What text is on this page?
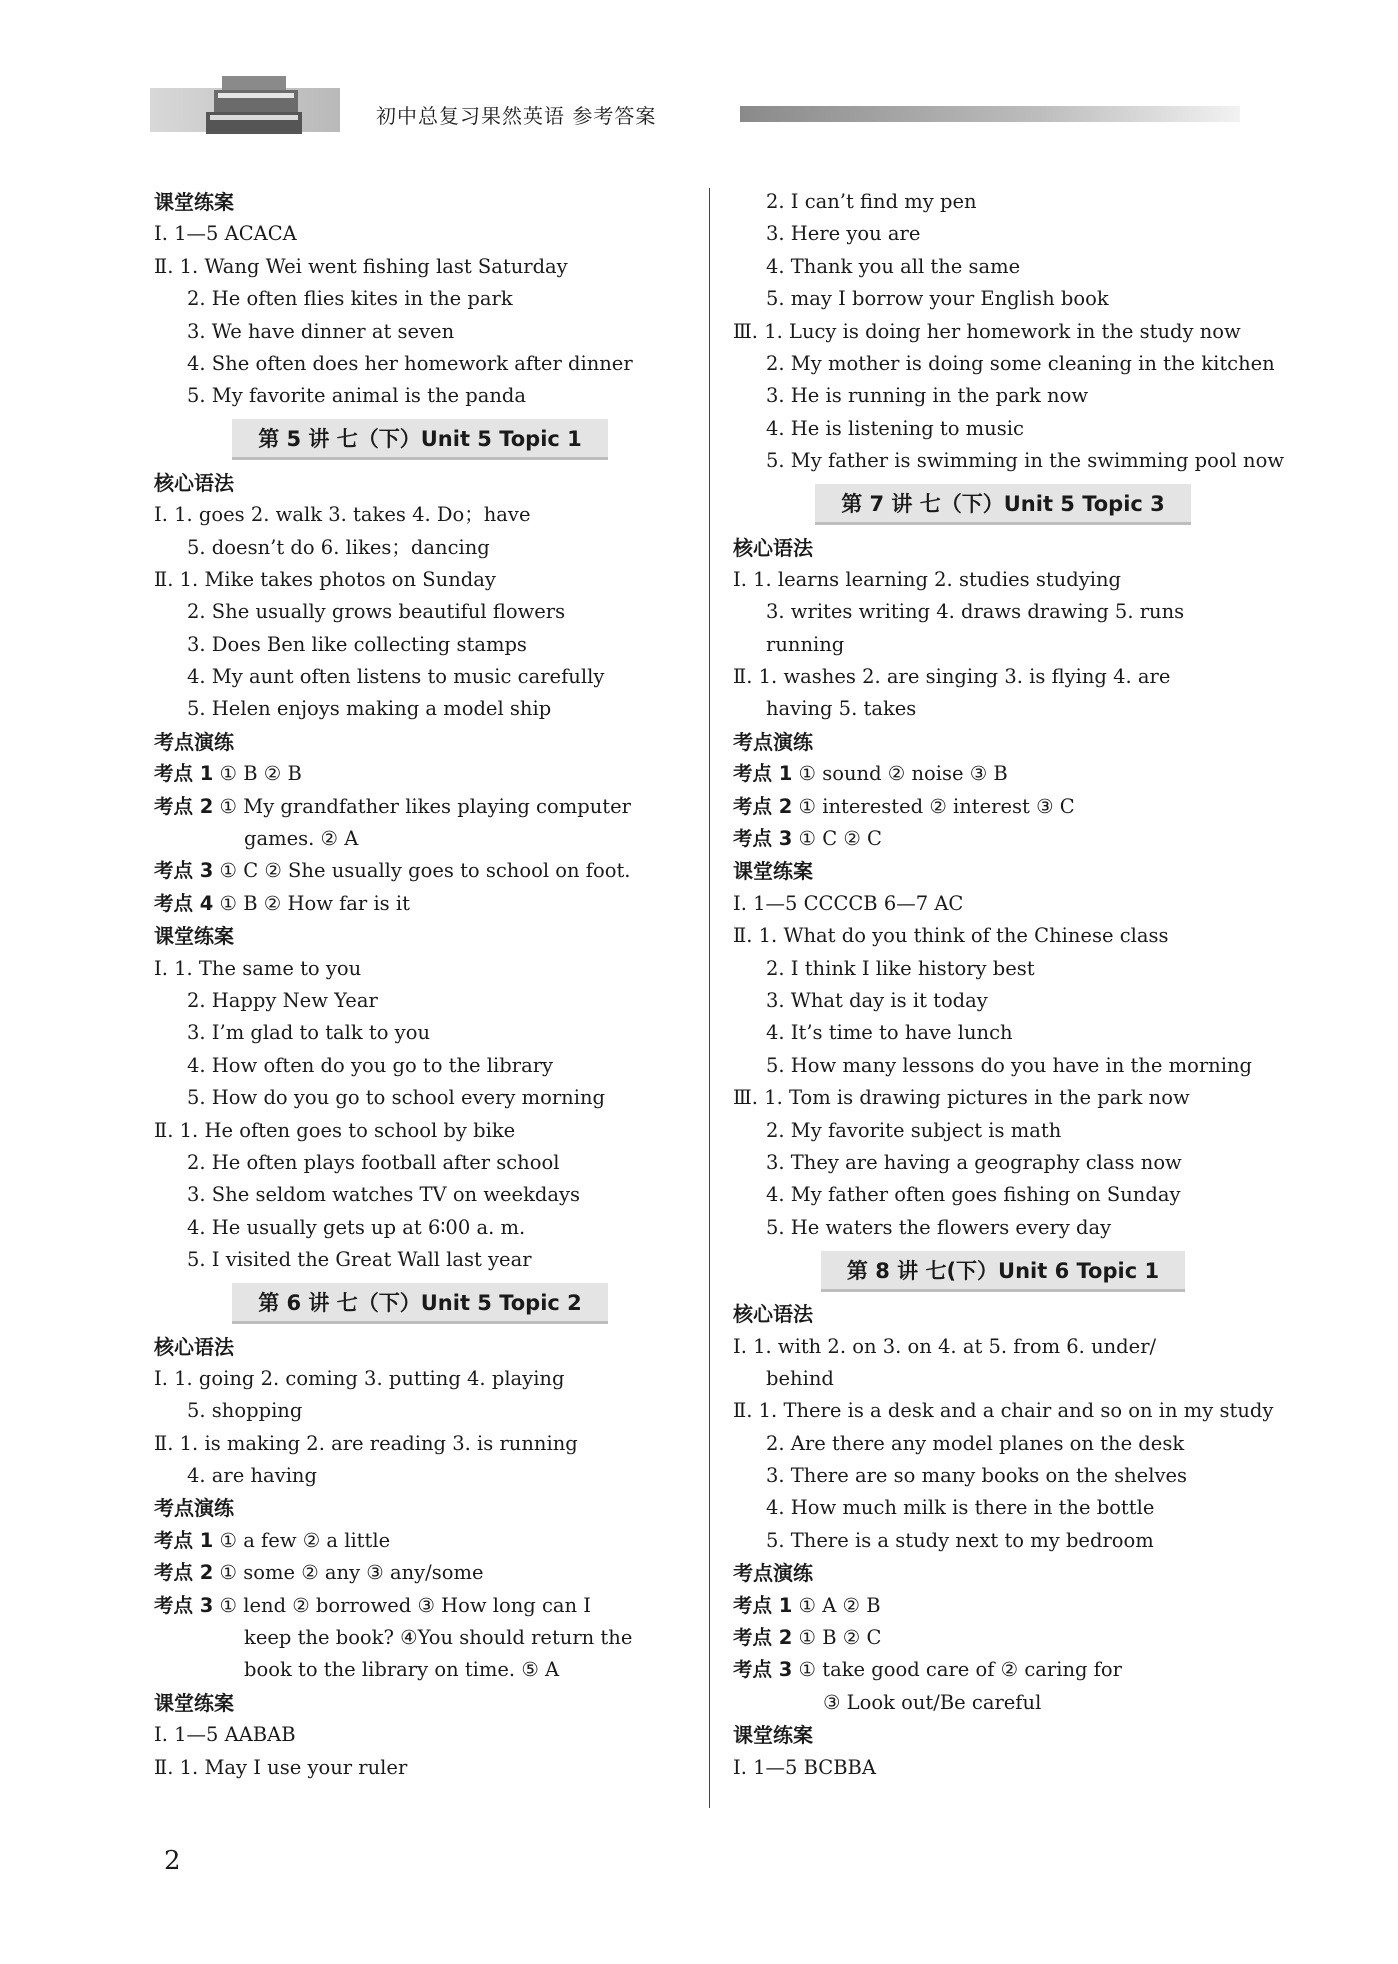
初中总复习果然英语 参考答案
课堂练案
I. 1—5 ACACA
Ⅱ. 1. Wang Wei went fishing last Saturday
2. He often flies kites in the park
3. We have dinner at seven
4. She often does her homework after dinner
5. My favorite animal is the panda
第 5 讲 七（下）Unit 5 Topic 1
核心语法
Ⅰ. 1. goes 2. walk 3. takes 4. Do；have
5. doesn’t do 6. likes；dancing
Ⅱ. 1. Mike takes photos on Sunday
2. She usually grows beautiful flowers
3. Does Ben like collecting stamps
4. My aunt often listens to music carefully
5. Helen enjoys making a model ship
考点演练
考点 1 ① B ② B
考点 2 ① My grandfather likes playing computer
games. ② A
考点 3 ① C ② She usually goes to school on foot.
考点 4 ① B ② How far is it
课堂练案
Ⅰ. 1. The same to you
2. Happy New Year
3. I’m glad to talk to you
4. How often do you go to the library
5. How do you go to school every morning
Ⅱ. 1. He often goes to school by bike
2. He often plays football after school
3. She seldom watches TV on weekdays
4. He usually gets up at 6∶00 a. m.
5. I visited the Great Wall last year
第 6 讲 七（下）Unit 5 Topic 2
核心语法
Ⅰ. 1. going 2. coming 3. putting 4. playing
5. shopping
Ⅱ. 1. is making 2. are reading 3. is running
4. are having
考点演练
考点 1 ① a few ② a little
考点 2 ① some ② any ③ any/some
考点 3 ① lend ② borrowed ③ How long can I
keep the book? ④You should return the
book to the library on time. ⑤ A
课堂练案
Ⅰ. 1—5 AABAB
Ⅱ. 1. May I use your ruler
2. I can’t find my pen
3. Here you are
4. Thank you all the same
5. may I borrow your English book
Ⅲ. 1. Lucy is doing her homework in the study now
2. My mother is doing some cleaning in the kitchen
3. He is running in the park now
4. He is listening to music
5. My father is swimming in the swimming pool now
第 7 讲 七（下）Unit 5 Topic 3
核心语法
Ⅰ. 1. learns learning 2. studies studying
3. writes writing 4. draws drawing 5. runs
running
Ⅱ. 1. washes 2. are singing 3. is flying 4. are
having 5. takes
考点演练
考点 1 ① sound ② noise ③ B
考点 2 ① interested ② interest ③ C
考点 3 ① C ② C
课堂练案
Ⅰ. 1—5 CCCCB 6—7 AC
Ⅱ. 1. What do you think of the Chinese class
2. I think I like history best
3. What day is it today
4. It’s time to have lunch
5. How many lessons do you have in the morning
Ⅲ. 1. Tom is drawing pictures in the park now
2. My favorite subject is math
3. They are having a geography class now
4. My father often goes fishing on Sunday
5. He waters the flowers every day
第 8 讲 七(下）Unit 6 Topic 1
核心语法
Ⅰ. 1. with 2. on 3. on 4. at 5. from 6. under/
behind
Ⅱ. 1. There is a desk and a chair and so on in my study
2. Are there any model planes on the desk
3. There are so many books on the shelves
4. How much milk is there in the bottle
5. There is a study next to my bedroom
考点演练
考点 1 ① A ② B
考点 2 ① B ② C
考点 3 ① take good care of ② caring for
③ Look out/Be careful
课堂练案
I. 1—5 BCBBA
2
